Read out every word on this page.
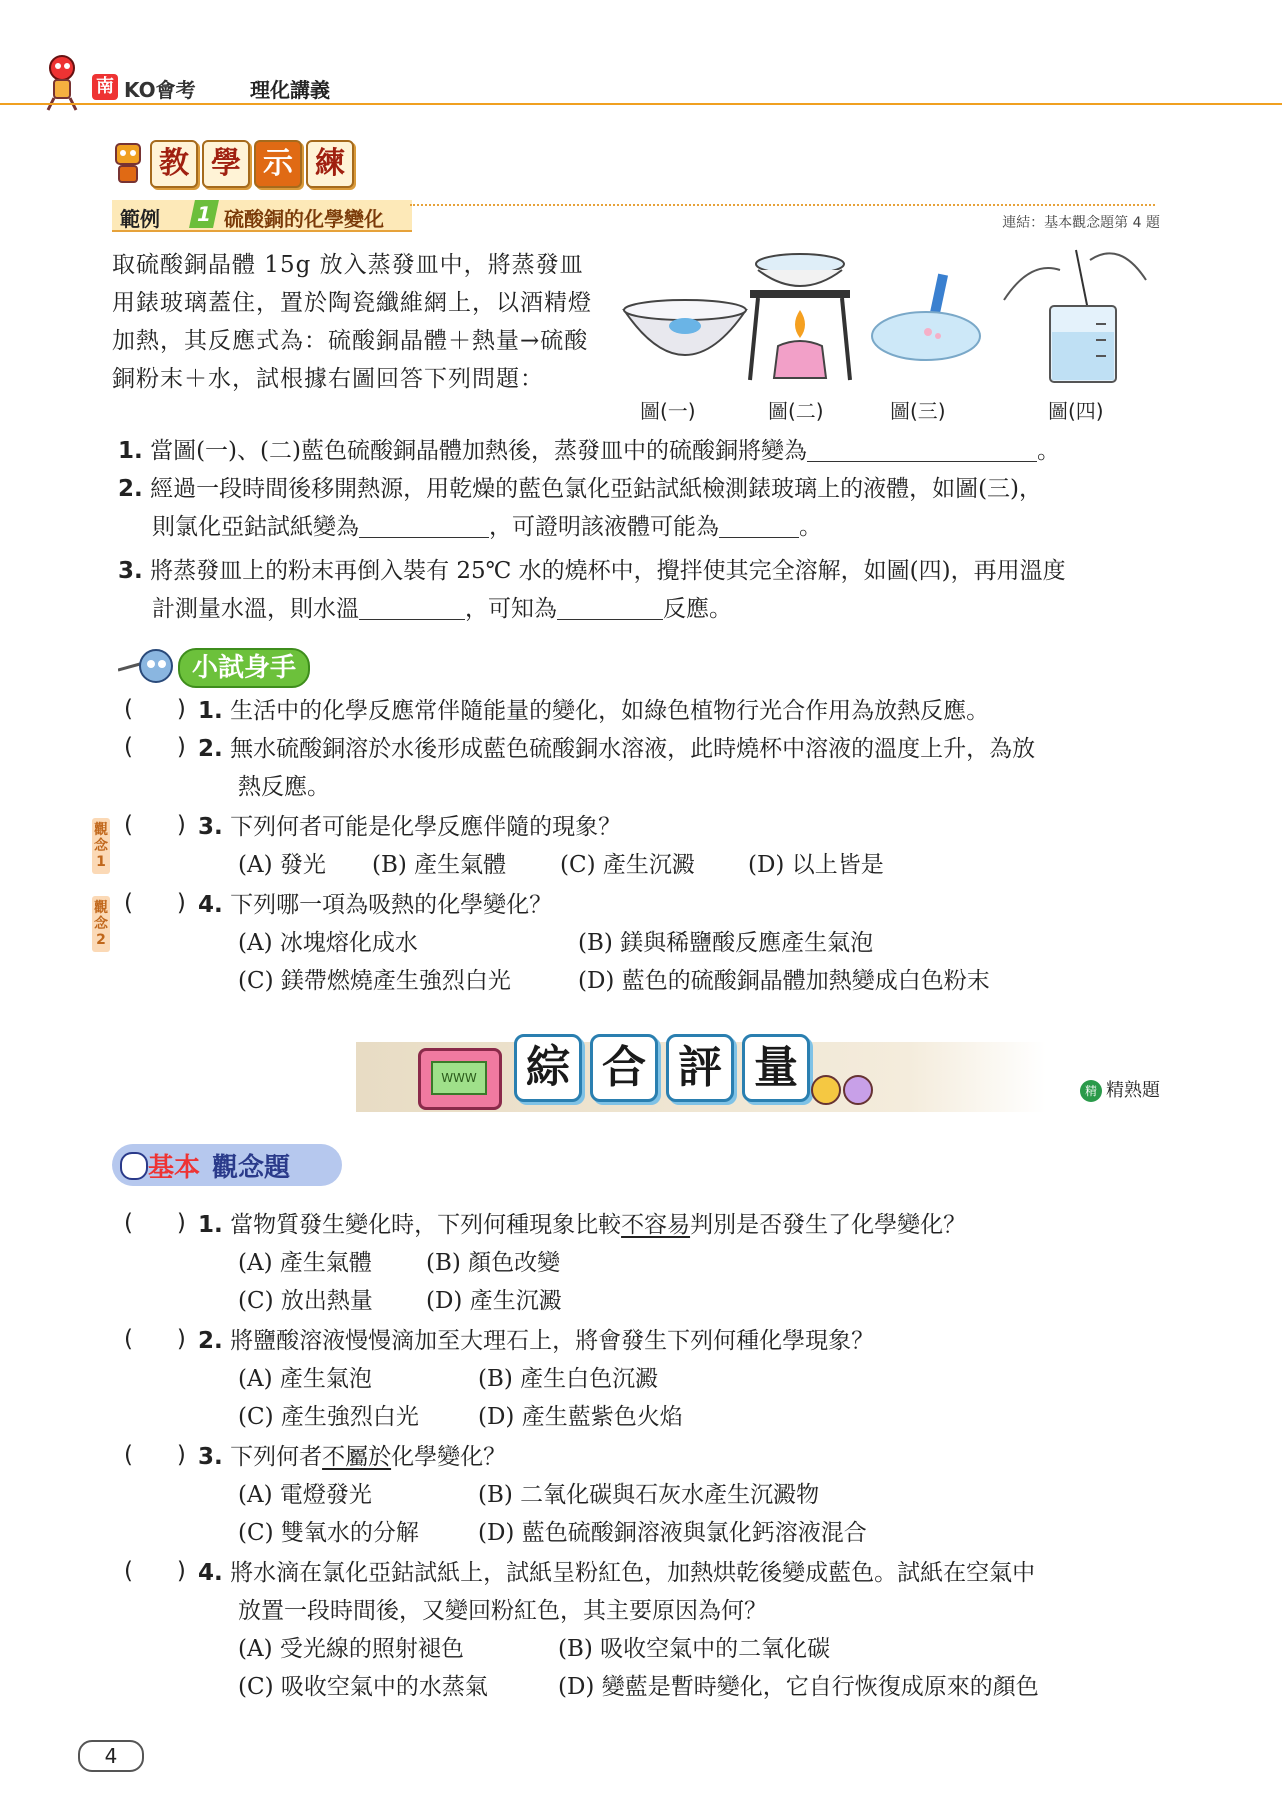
南 KO會考	理化講義
教 學 示 練
範例 1 硫酸銅的化學變化	連結：基本觀念題第 4 題
取硫酸銅晶體 15g 放入蒸發皿中，將蒸發皿用錶玻璃蓋住，置於陶瓷纖維網上，以酒精燈加熱，其反應式為：硫酸銅晶體＋熱量→硫酸銅粉末＋水，試根據右圖回答下列問題：
圖(一)	圖(二)	圖(三)	圖(四)
1. 當圖(一)、(二)藍色硫酸銅晶體加熱後，蒸發皿中的硫酸銅將變為	。
2. 經過一段時間後移開熱源，用乾燥的藍色氯化亞鈷試紙檢測錶玻璃上的液體，如圖(三)，
則氯化亞鈷試紙變為	，可證明該液體可能為	。
3. 將蒸發皿上的粉末再倒入裝有 25℃ 水的燒杯中，攪拌使其完全溶解，如圖(四)，再用溫度
計測量水溫，則水溫	，可知為	反應。
小試身手
( ) 1. 生活中的化學反應常伴隨能量的變化，如綠色植物行光合作用為放熱反應。
( ) 2. 無水硫酸銅溶於水後形成藍色硫酸銅水溶液，此時燒杯中溶液的溫度上升，為放
熱反應。
觀念1
( ) 3. 下列何者可能是化學反應伴隨的現象？
(A) 發光 (B) 產生氣體 (C) 產生沉澱 (D) 以上皆是
觀念2
( ) 4. 下列哪一項為吸熱的化學變化？
(A) 冰塊熔化成水	(B) 鎂與稀鹽酸反應產生氣泡
(C) 鎂帶燃燒產生強烈白光	(D) 藍色的硫酸銅晶體加熱變成白色粉末
WWW 綜 合 評 量	精 精熟題
基本 觀念題
( ) 1. 當物質發生變化時，下列何種現象比較不容易判別是否發生了化學變化？
(A) 產生氣體 (B) 顏色改變
(C) 放出熱量 (D) 產生沉澱
( ) 2. 將鹽酸溶液慢慢滴加至大理石上，將會發生下列何種化學現象？
(A) 產生氣泡	(B) 產生白色沉澱
(C) 產生強烈白光	(D) 產生藍紫色火焰
( ) 3. 下列何者不屬於化學變化？
(A) 電燈發光	(B) 二氧化碳與石灰水產生沉澱物
(C) 雙氧水的分解	(D) 藍色硫酸銅溶液與氯化鈣溶液混合
( ) 4. 將水滴在氯化亞鈷試紙上，試紙呈粉紅色，加熱烘乾後變成藍色。試紙在空氣中
放置一段時間後，又變回粉紅色，其主要原因為何？
(A) 受光線的照射褪色	(B) 吸收空氣中的二氧化碳
(C) 吸收空氣中的水蒸氣	(D) 變藍是暫時變化，它自行恢復成原來的顏色
4
